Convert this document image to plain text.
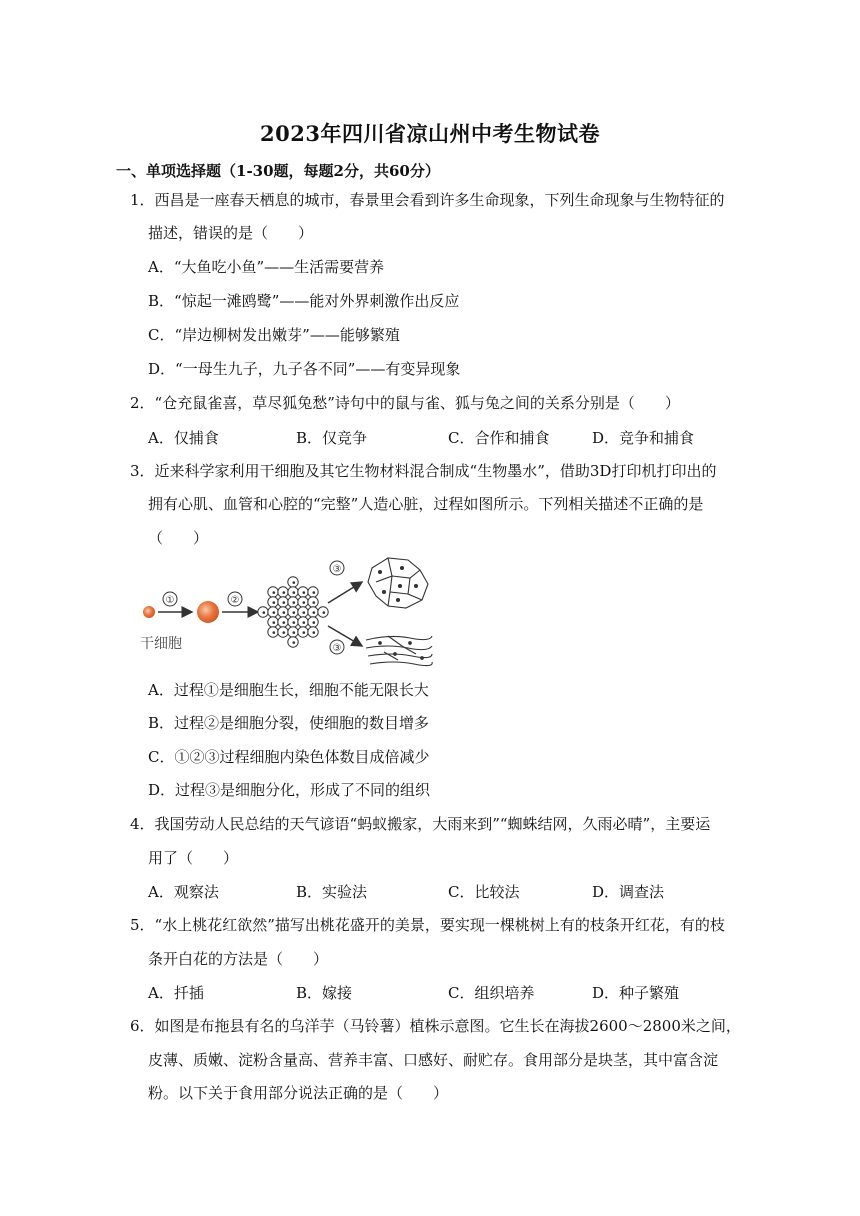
2023年四川省凉山州中考生物试卷
一、单项选择题（1-30题，每题2分，共60分）
1．西昌是一座春天栖息的城市，春景里会看到许多生命现象，下列生命现象与生物特征的
描述，错误的是（　　）
A．“大鱼吃小鱼”——生活需要营养
B．“惊起一滩鸥鹭”——能对外界刺激作出反应
C．“岸边柳树发出嫩芽”——能够繁殖
D．“一母生九子，九子各不同”——有变异现象
2．“仓充鼠雀喜，草尽狐兔愁”诗句中的鼠与雀、狐与兔之间的关系分别是（　　）
A．仅捕食	B．仅竞争	C．合作和捕食	D．竞争和捕食
3．近来科学家利用干细胞及其它生物材料混合制成“生物墨水”，借助3D打印机打印出的
拥有心肌、血管和心腔的“完整”人造心脏，过程如图所示。下列相关描述不正确的是
（　　）
①	②
③
③
干细胞
A．过程①是细胞生长，细胞不能无限长大
B．过程②是细胞分裂，使细胞的数目增多
C．①②③过程细胞内染色体数目成倍减少
D．过程③是细胞分化，形成了不同的组织
4．我国劳动人民总结的天气谚语“蚂蚁搬家，大雨来到”“蜘蛛结网，久雨必晴”，主要运
用了（　　）
A．观察法	B．实验法	C．比较法	D．调查法
5．“水上桃花红欲然”描写出桃花盛开的美景，要实现一棵桃树上有的枝条开红花，有的枝
条开白花的方法是（　　）
A．扦插	B．嫁接	C．组织培养	D．种子繁殖
6．如图是布拖县有名的乌洋芋（马铃薯）植株示意图。它生长在海拔2600～2800米之间，
皮薄、质嫩、淀粉含量高、营养丰富、口感好、耐贮存。食用部分是块茎，其中富含淀
粉。以下关于食用部分说法正确的是（　　）
